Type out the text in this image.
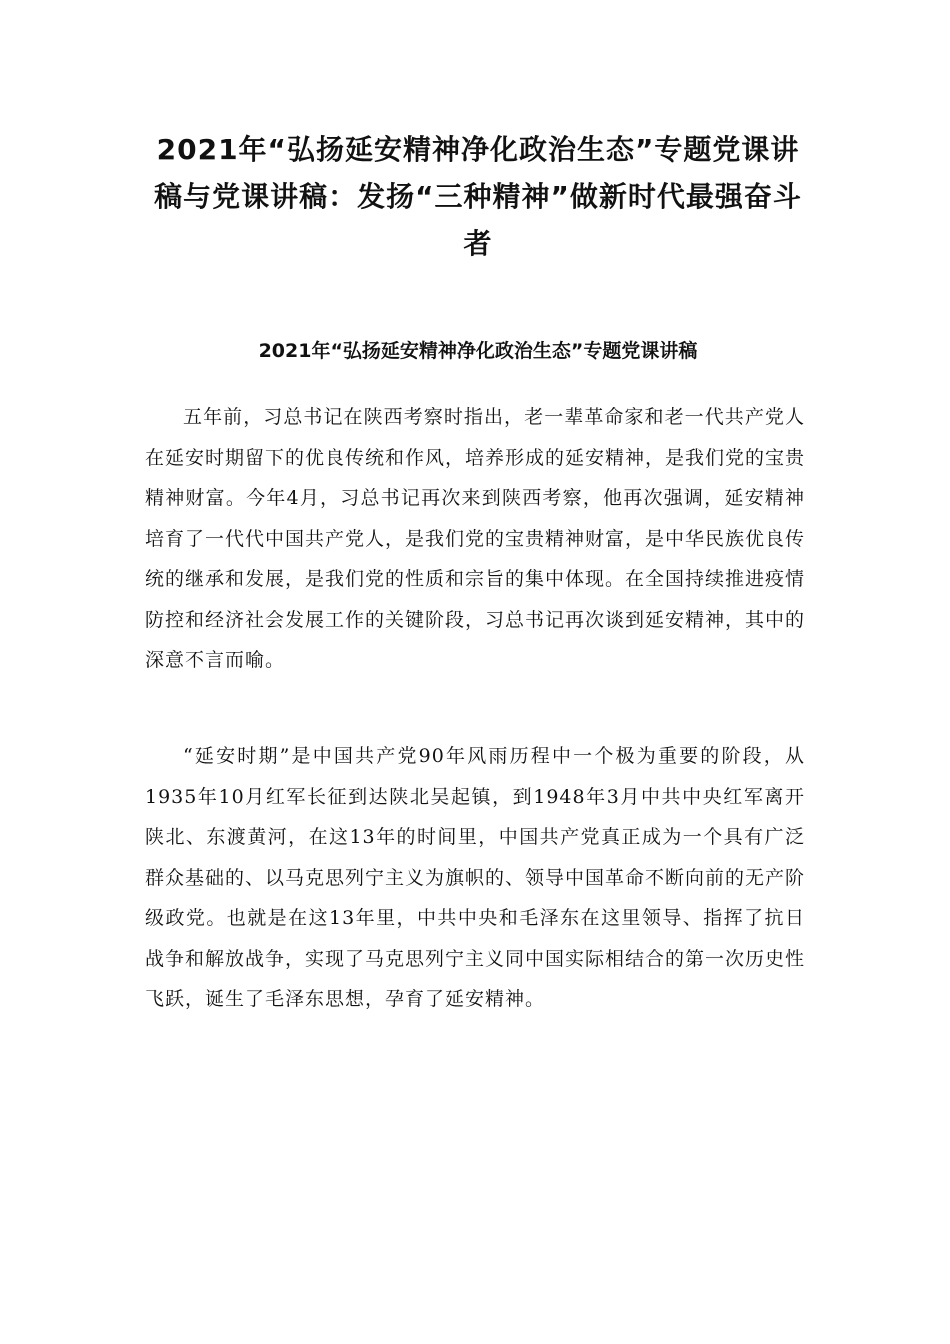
2021年“弘扬延安精神净化政治生态”专题党课讲稿与党课讲稿：发扬“三种精神”做新时代最强奋斗者
2021年“弘扬延安精神净化政治生态”专题党课讲稿

五年前，习总书记在陕西考察时指出，老一辈革命家和老一代共产党人在延安时期留下的优良传统和作风，培养形成的延安精神，是我们党的宝贵精神财富。今年4月，习总书记再次来到陕西考察，他再次强调，延安精神培育了一代代中国共产党人，是我们党的宝贵精神财富，是中华民族优良传统的继承和发展，是我们党的性质和宗旨的集中体现。在全国持续推进疫情防控和经济社会发展工作的关键阶段，习总书记再次谈到延安精神，其中的深意不言而喻。

“延安时期”是中国共产党90年风雨历程中一个极为重要的阶段，从1935年10月红军长征到达陕北吴起镇，到1948年3月中共中央红军离开陕北、东渡黄河，在这13年的时间里，中国共产党真正成为一个具有广泛群众基础的、以马克思列宁主义为旗帜的、领导中国革命不断向前的无产阶级政党。也就是在这13年里，中共中央和毛泽东在这里领导、指挥了抗日战争和解放战争，实现了马克思列宁主义同中国实际相结合的第一次历史性飞跃，诞生了毛泽东思想，孕育了延安精神。
